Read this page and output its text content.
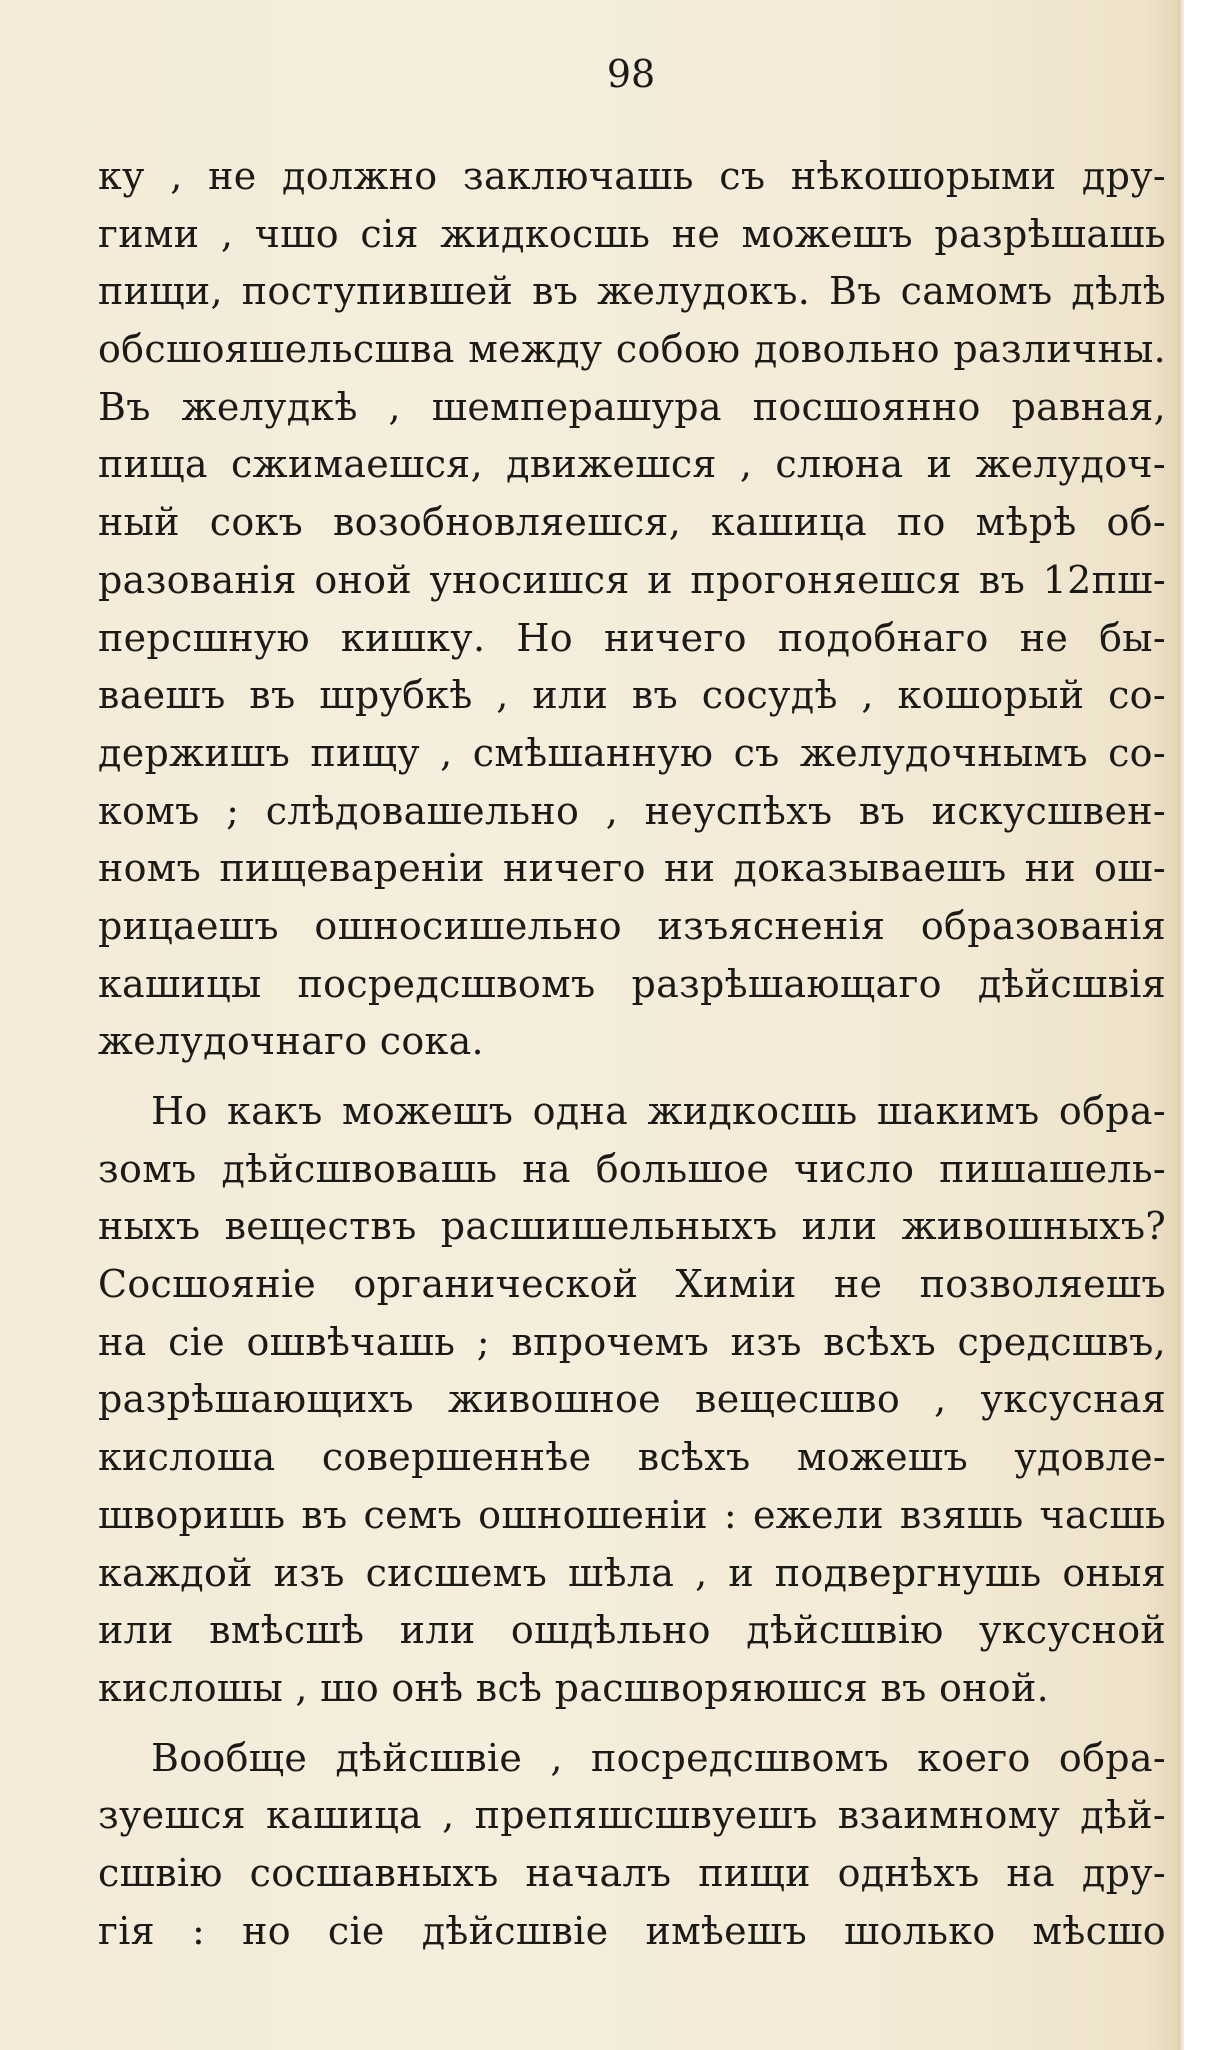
98
ку , не должно заключашь съ нѣкошорыми дру-
гими , чшо сія жидкосшь не можешъ разрѣшашь
пищи, поступившей въ желудокъ. Въ самомъ дѣлѣ
обсшояшельсшва между собою довольно различны.
Въ желудкѣ , шемперашура посшоянно равная,
пища сжимаешся, движешся , слюна и желудоч-
ный сокъ возобновляешся, кашица по мѣрѣ об-
разованія оной уносишся и прогоняешся въ 12пш-
персшную кишку. Но ничего подобнаго не бы-
ваешъ въ шрубкѣ , или въ сосудѣ , кошорый со-
держишъ пищу , смѣшанную съ желудочнымъ со-
комъ ; слѣдовашельно , неуспѣхъ въ искусшвен-
номъ пищевареніи ничего ни доказываешъ ни ош-
рицаешъ ошносишельно изъясненія образованія
кашицы посредсшвомъ разрѣшающаго дѣйсшвія
желудочнаго сока.
Но какъ можешъ одна жидкосшь шакимъ обра-
зомъ дѣйсшвовашь на большое число пишашель-
ныхъ веществъ расшишельныхъ или живошныхъ?
Сосшояніе органической Химіи не позволяешъ
на сіе ошвѣчашь ; впрочемъ изъ всѣхъ средсшвъ,
разрѣшающихъ живошное вещесшво , уксусная
кислоша совершеннѣе всѣхъ можешъ удовле-
шворишь въ семъ ошношеніи : ежели взяшь часшь
каждой изъ сисшемъ шѣла , и подвергнушь оныя
или вмѣсшѣ или ошдѣльно дѣйсшвію уксусной
кислошы , шо онѣ всѣ расшворяюшся въ оной.
Вообще дѣйсшвіе , посредсшвомъ коего обра-
зуешся кашица , препяшсшвуешъ взаимному дѣй-
сшвію сосшавныхъ началъ пищи однѣхъ на дру-
гія : но сіе дѣйсшвіе имѣешъ шолько мѣсшо
